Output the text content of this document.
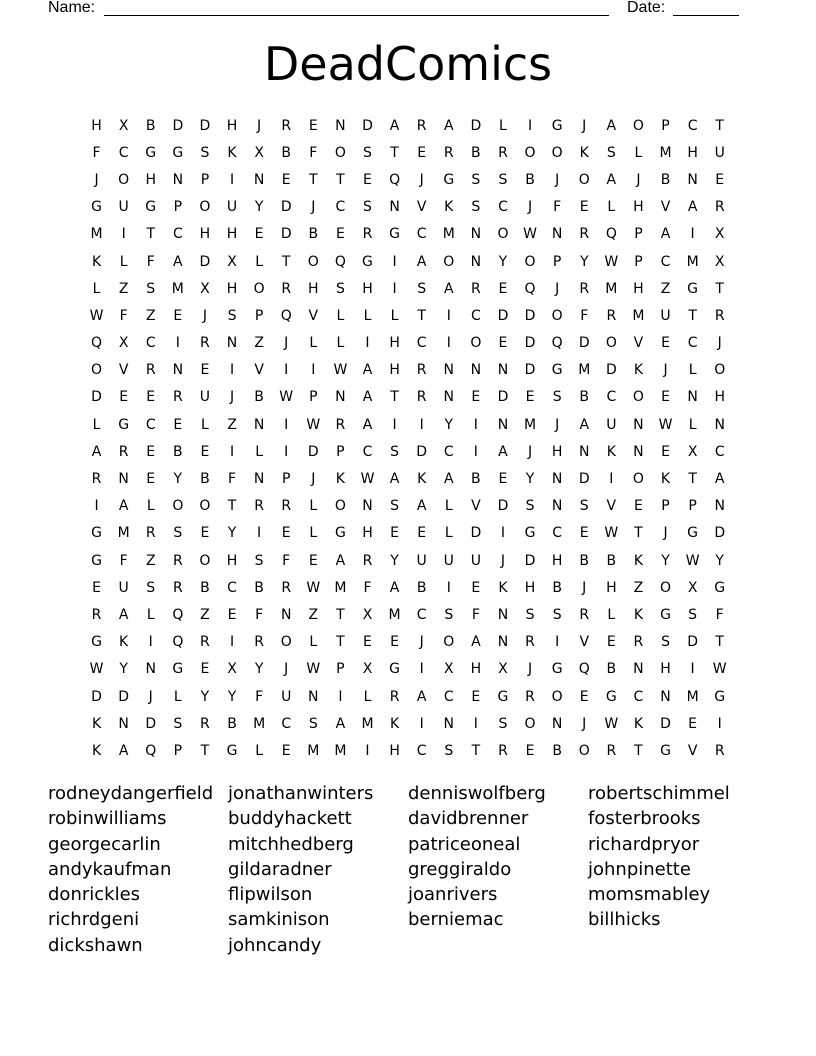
Name:

	Date:

DeadComics
H	X	B	D	D	H	J	R	E	N	D	A	R	A	D	L	I	G	J	A	O	P	C	T
F	C	G	G	S	K	X	B	F	O	S	T	E	R	B	R	O	O	K	S	L	M	H	U
J	O	H	N	P	I	N	E	T	T	E	Q	J	G	S	S	B	J	O	A	J	B	N	E
G	U	G	P	O	U	Y	D	J	C	S	N	V	K	S	C	J	F	E	L	H	V	A	R
M	I	T	C	H	H	E	D	B	E	R	G	C	M	N	O	W	N	R	Q	P	A	I	X
K	L	F	A	D	X	L	T	O	Q	G	I	A	O	N	Y	O	P	Y	W	P	C	M	X
L	Z	S	M	X	H	O	R	H	S	H	I	S	A	R	E	Q	J	R	M	H	Z	G	T
W	F	Z	E	J	S	P	Q	V	L	L	L	T	I	C	D	D	O	F	R	M	U	T	R
Q	X	C	I	R	N	Z	J	L	L	I	H	C	I	O	E	D	Q	D	O	V	E	C	J
O	V	R	N	E	I	V	I	I	W	A	H	R	N	N	N	D	G	M	D	K	J	L	O
D	E	E	R	U	J	B	W	P	N	A	T	R	N	E	D	E	S	B	C	O	E	N	H
L	G	C	E	L	Z	N	I	W	R	A	I	I	Y	I	N	M	J	A	U	N	W	L	N
A	R	E	B	E	I	L	I	D	P	C	S	D	C	I	A	J	H	N	K	N	E	X	C
R	N	E	Y	B	F	N	P	J	K	W	A	K	A	B	E	Y	N	D	I	O	K	T	A
I	A	L	O	O	T	R	R	L	O	N	S	A	L	V	D	S	N	S	V	E	P	P	N
G	M	R	S	E	Y	I	E	L	G	H	E	E	L	D	I	G	C	E	W	T	J	G	D
G	F	Z	R	O	H	S	F	E	A	R	Y	U	U	U	J	D	H	B	B	K	Y	W	Y
E	U	S	R	B	C	B	R	W	M	F	A	B	I	E	K	H	B	J	H	Z	O	X	G
R	A	L	Q	Z	E	F	N	Z	T	X	M	C	S	F	N	S	S	R	L	K	G	S	F
G	K	I	Q	R	I	R	O	L	T	E	E	J	O	A	N	R	I	V	E	R	S	D	T
W	Y	N	G	E	X	Y	J	W	P	X	G	I	X	H	X	J	G	Q	B	N	H	I	W
D	D	J	L	Y	Y	F	U	N	I	L	R	A	C	E	G	R	O	E	G	C	N	M	G
K	N	D	S	R	B	M	C	S	A	M	K	I	N	I	S	O	N	J	W	K	D	E	I
K	A	Q	P	T	G	L	E	M	M	I	H	C	S	T	R	E	B	O	R	T	G	V	R
rodneydangerfield jonathanwinters	denniswolfberg	robertschimmel
robinwilliams	buddyhackett	davidbrenner	fosterbrooks
georgecarlin	mitchhedberg	patriceoneal	richardpryor
andykaufman	gildaradner	greggiraldo	johnpinette
donrickles	flipwilson	joanrivers	momsmabley
richrdgeni	samkinison	berniemac	billhicks
dickshawn	johncandy
